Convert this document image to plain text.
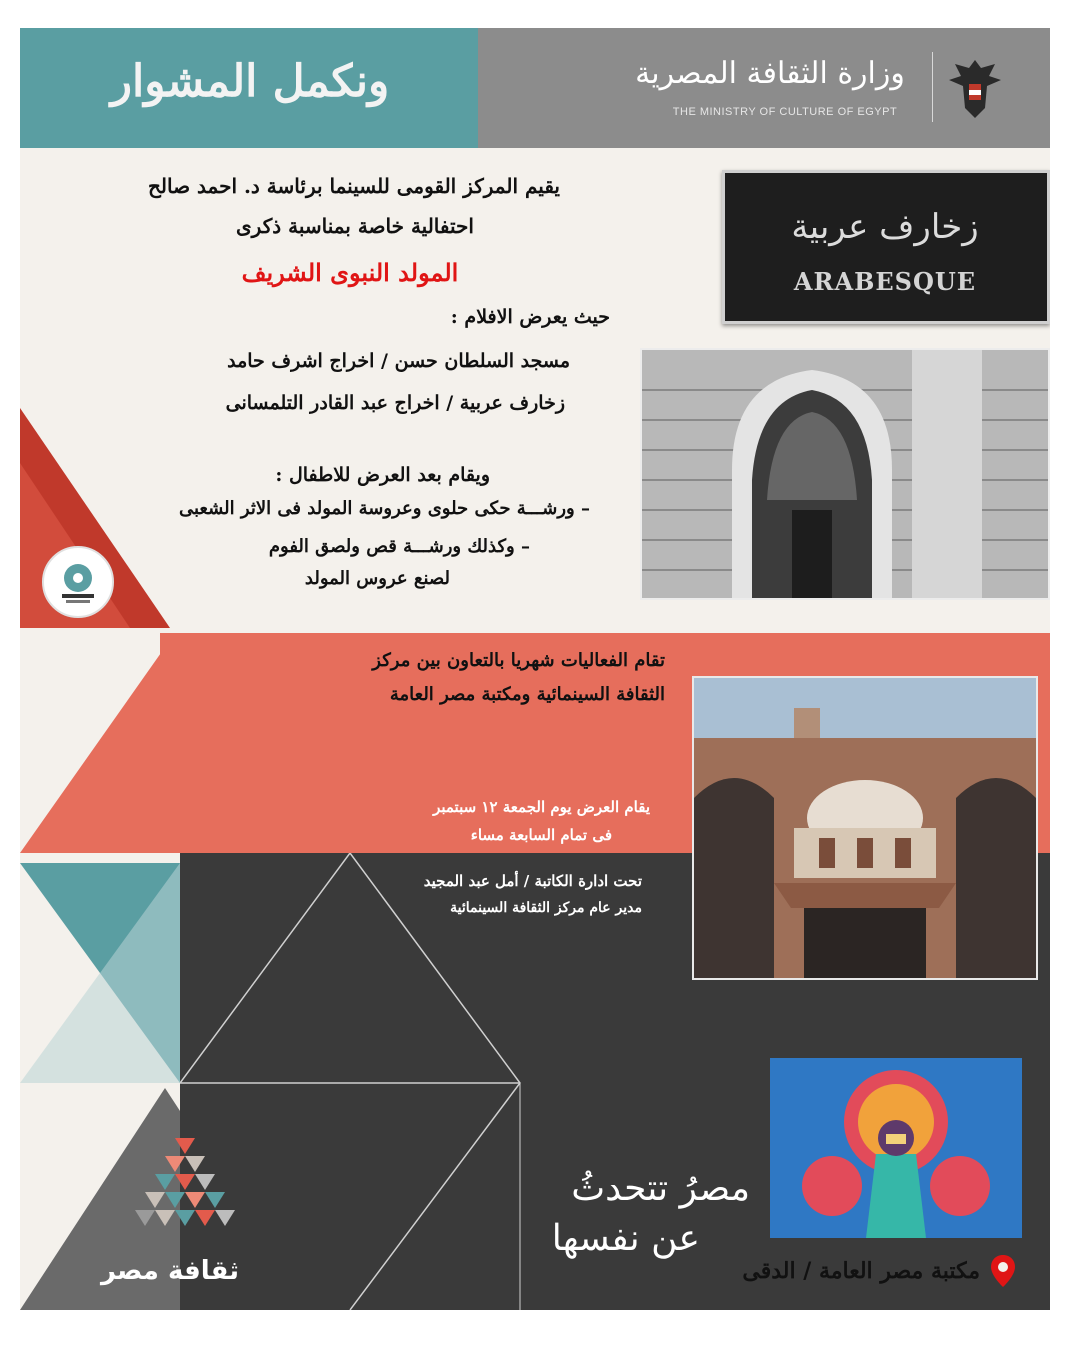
ونكمل المشوار	وزارة الثقافة المصرية
THE MINISTRY OF CULTURE OF EGYPT
يقيم المركز القومى للسينما برئاسة د. احمد صالح
احتفالية خاصة بمناسبة ذكرى
المولد النبوى الشريف
حيث يعرض الافلام :
مسجد السلطان حسن / اخراج اشرف حامد
زخارف عربية / اخراج عبد القادر التلمسانى
ويقام بعد العرض للاطفال :
– ورشـــة حكى حلوى وعروسة المولد فى الاثر الشعبى
– وكذلك ورشـــة قص ولصق الفوم
لصنع عروس المولد
زخارف عربية
ARABESQUE
تقام الفعاليات شهريا بالتعاون بين مركز
الثقافة السينمائية ومكتبة مصر العامة
يقام العرض يوم الجمعة ١٢ سبتمبر
فى تمام السابعة مساء
تحت ادارة الكاتبة / أمل عبد المجيد
مدير عام مركز الثقافة السينمائية
مصرُ تتحدثُ
عن نفسها
ثقافة مصر	مكتبة مصر العامة / الدقى
